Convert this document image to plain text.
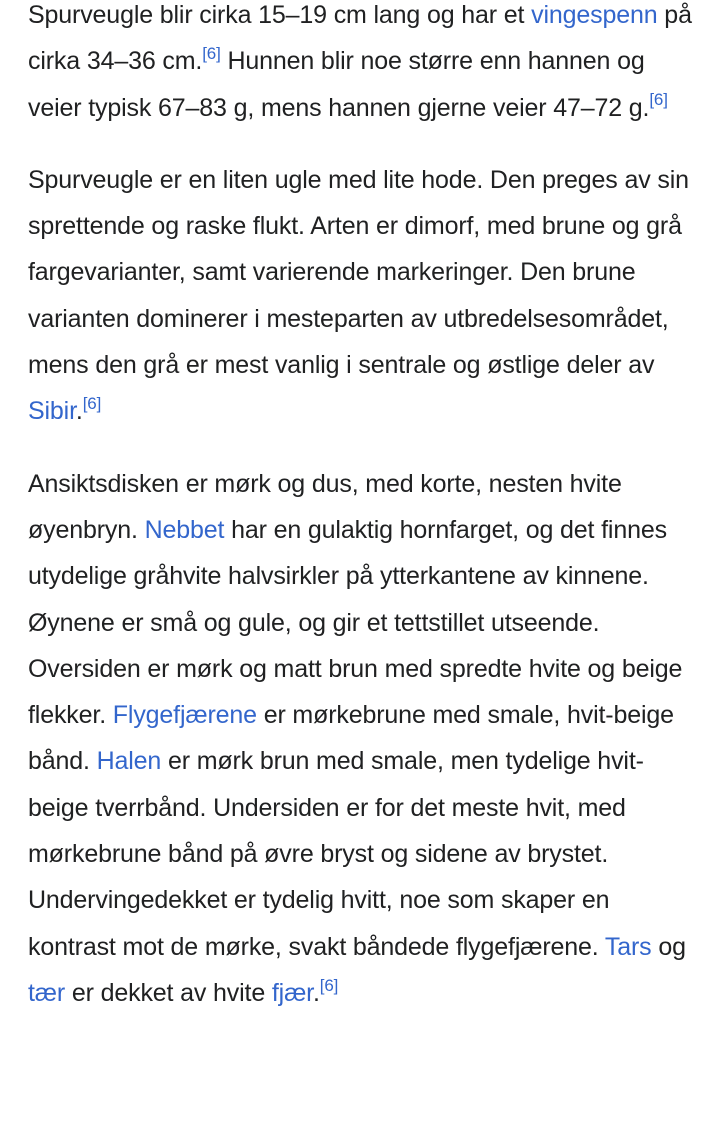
Spurveugle blir cirka 15–19 cm lang og har et vingespenn på cirka 34–36 cm.[6] Hunnen blir noe større enn hannen og veier typisk 67–83 g, mens hannen gjerne veier 47–72 g.[6]

Spurveugle er en liten ugle med lite hode. Den preges av sin sprettende og raske flukt. Arten er dimorf, med brune og grå fargevarianter, samt varierende markeringer. Den brune varianten dominerer i mesteparten av utbredelsesområdet, mens den grå er mest vanlig i sentrale og østlige deler av Sibir.[6]

Ansiktsdisken er mørk og dus, med korte, nesten hvite øyenbryn. Nebbet har en gulaktig hornfarget, og det finnes utydelige gråhvite halvsirkler på ytterkantene av kinnene. Øynene er små og gule, og gir et tettstillet utseende. Oversiden er mørk og matt brun med spredte hvite og beige flekker. Flygefjærene er mørkebrune med smale, hvit-beige bånd. Halen er mørk brun med smale, men tydelige hvit-beige tverrbånd. Undersiden er for det meste hvit, med mørkebrune bånd på øvre bryst og sidene av brystet. Undervingedekket er tydelig hvitt, noe som skaper en kontrast mot de mørke, svakt båndede flygefjærene. Tars og tær er dekket av hvite fjær.[6]
